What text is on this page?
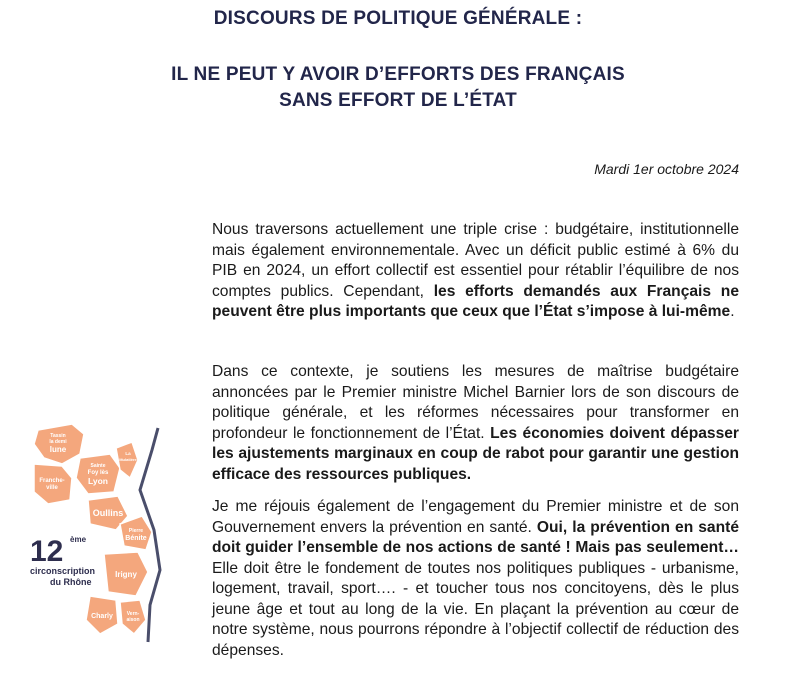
DISCOURS DE POLITIQUE GÉNÉRALE :
IL NE PEUT Y AVOIR D’EFFORTS DES FRANÇAIS
SANS EFFORT DE L’ÉTAT
Mardi 1er octobre 2024
Nous traversons actuellement une triple crise : budgétaire, institutionnelle mais également environnementale. Avec un déficit public estimé à 6% du PIB en 2024, un effort collectif est essentiel pour rétablir l’équilibre de nos comptes publics. Cependant, les efforts demandés aux Français ne peuvent être plus importants que ceux que l’État s’impose à lui-même.
Dans ce contexte, je soutiens les mesures de maîtrise budgétaire annoncées par le Premier ministre Michel Barnier lors de son discours de politique générale, et les réformes nécessaires pour transformer en profondeur le fonctionnement de l’État. Les économies doivent dépasser les ajustements marginaux en coup de rabot pour garantir une gestion efficace des ressources publiques.
Je me réjouis également de l’engagement du Premier ministre et de son Gouvernement envers la prévention en santé. Oui, la prévention en santé doit guider l’ensemble de nos actions de santé ! Mais pas seulement… Elle doit être le fondement de toutes nos politiques publiques - urbanisme, logement, travail, sport…. - et toucher tous nos concitoyens, dès le plus jeune âge et tout au long de la vie. En plaçant la prévention au cœur de notre système, nous pourrons répondre à l’objectif collectif de réduction des dépenses.
Tassin
la demi
lune
Franche-
ville
Sainte
Foy lès
Lyon
La
Mulatière
Oullins
Pierre
Bénite
Irigny
Charly	Vern-
aison
12 ème
circonscription
du Rhône
